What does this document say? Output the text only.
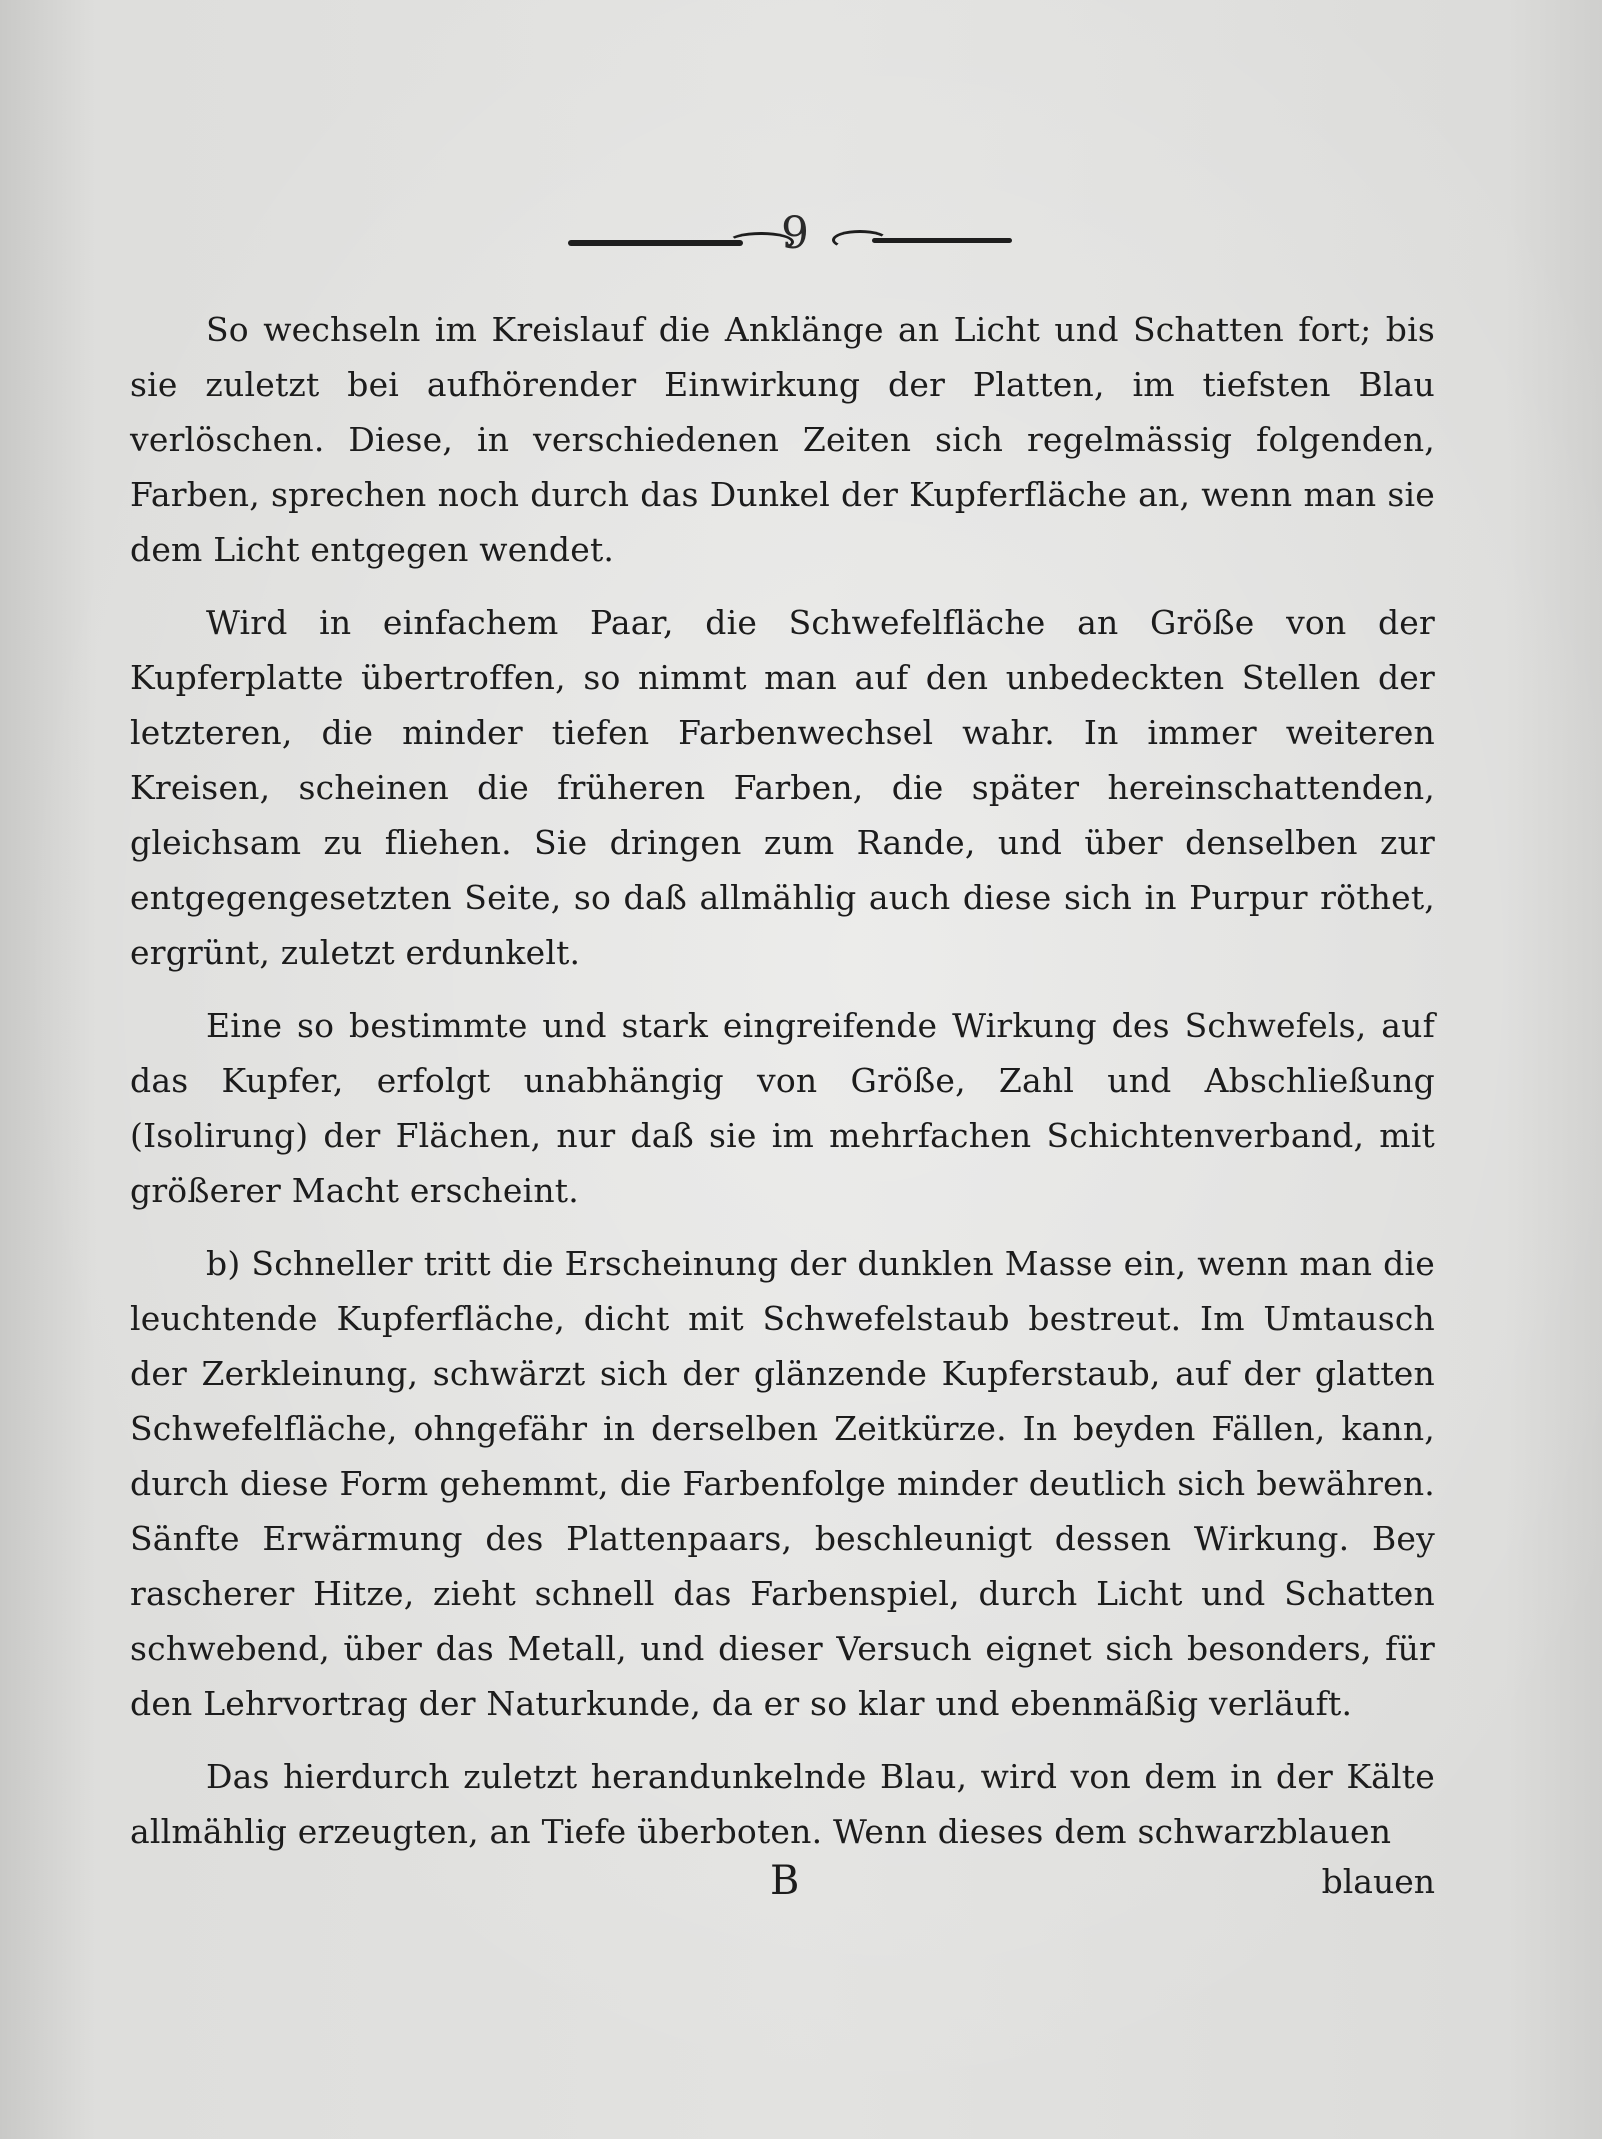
9

So wechseln im Kreislauf die Anklänge an Licht und Schatten fort; bis sie zuletzt bei aufhörender Einwirkung der Platten, im tiefsten Blau verlöschen. Diese, in verschiedenen Zeiten sich regelmässig folgenden, Farben, sprechen noch durch das Dunkel der Kupferfläche an, wenn man sie dem Licht entgegen wendet.

Wird in einfachem Paar, die Schwefelfläche an Größe von der Kupferplatte übertroffen, so nimmt man auf den unbedeckten Stellen der letzteren, die minder tiefen Farbenwechsel wahr. In immer weiteren Kreisen, scheinen die früheren Farben, die später hereinschattenden, gleichsam zu fliehen. Sie dringen zum Rande, und über denselben zur entgegengesetzten Seite, so daß allmählig auch diese sich in Purpur röthet, ergrünt, zuletzt erdunkelt.

Eine so bestimmte und stark eingreifende Wirkung des Schwefels, auf das Kupfer, erfolgt unabhängig von Größe, Zahl und Abschließung (Isolirung) der Flächen, nur daß sie im mehrfachen Schichtenverband, mit größerer Macht erscheint.

b) Schneller tritt die Erscheinung der dunklen Masse ein, wenn man die leuchtende Kupferfläche, dicht mit Schwefelstaub bestreut. Im Umtausch der Zerkleinung, schwärzt sich der glänzende Kupferstaub, auf der glatten Schwefelfläche, ohngefähr in derselben Zeitkürze. In beyden Fällen, kann, durch diese Form gehemmt, die Farbenfolge minder deutlich sich bewähren. Sänfte Erwärmung des Plattenpaars, beschleunigt dessen Wirkung. Bey rascherer Hitze, zieht schnell das Farbenspiel, durch Licht und Schatten schwebend, über das Metall, und dieser Versuch eignet sich besonders, für den Lehrvortrag der Naturkunde, da er so klar und ebenmäßig verläuft.

Das hierdurch zuletzt herandunkelnde Blau, wird von dem in der Kälte allmählig erzeugten, an Tiefe überboten. Wenn dieses dem schwarzblauen

B	blauen
